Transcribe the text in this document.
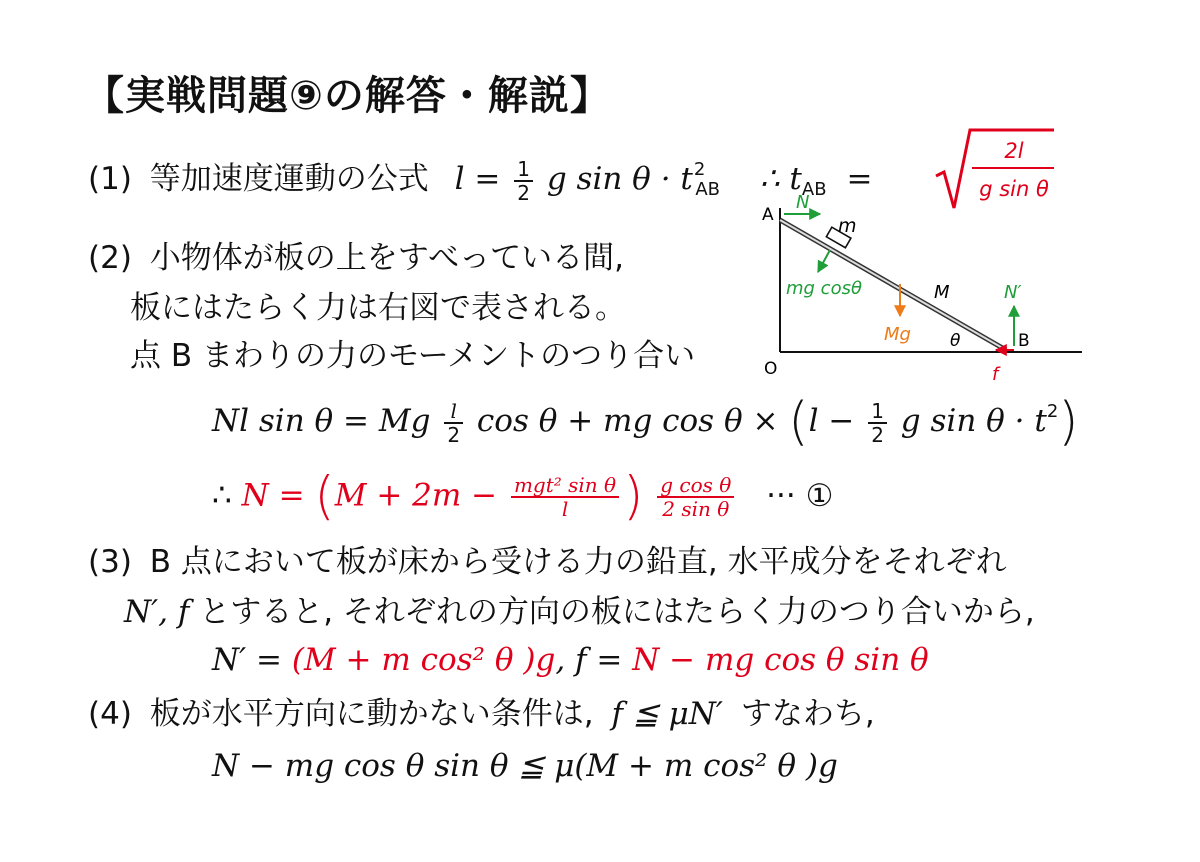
【実戦問題⑨の解答・解説】
(1) 等加速度運動の公式 $l = \frac{1}{2}$ g $\sin \theta \cdot t^2_{AB}$ ∴ $t_{AB}$ =
2l
g sin θ
(2) 小物体が板の上をすべっている間,
板にはたらく力は右図で表される。
点 B まわりの力のモーメントのつり合い
Nl sin θ = Mg $\frac{l}{2}$ cos θ + mg $\cos \theta \times (l - \frac{1}{2}$ g $\sin \theta \cdot t^2$)
∴ $N = (M + 2m - \frac{\text{mgt² sin θ}}{l}$ ) $\frac{\text{g cos θ}}{\text{2 sin θ}}$ ··· ①
(3) B 点において板が床から受ける力の鉛直, 水平成分をそれぞれ
N′, f とすると, それぞれの方向の板にはたらく力のつり合いから,
N′ = (M + m cos² θ )g, f = N − mg cos θ sin θ
(4) 板が水平方向に動かない条件は, f ≦ μN′ すなわち,
N − mg cos θ sin θ ≦ μ(M + m cos² θ )g
A
B
O
m
M
θ
N
mg cosθ
Mg
N′
f
